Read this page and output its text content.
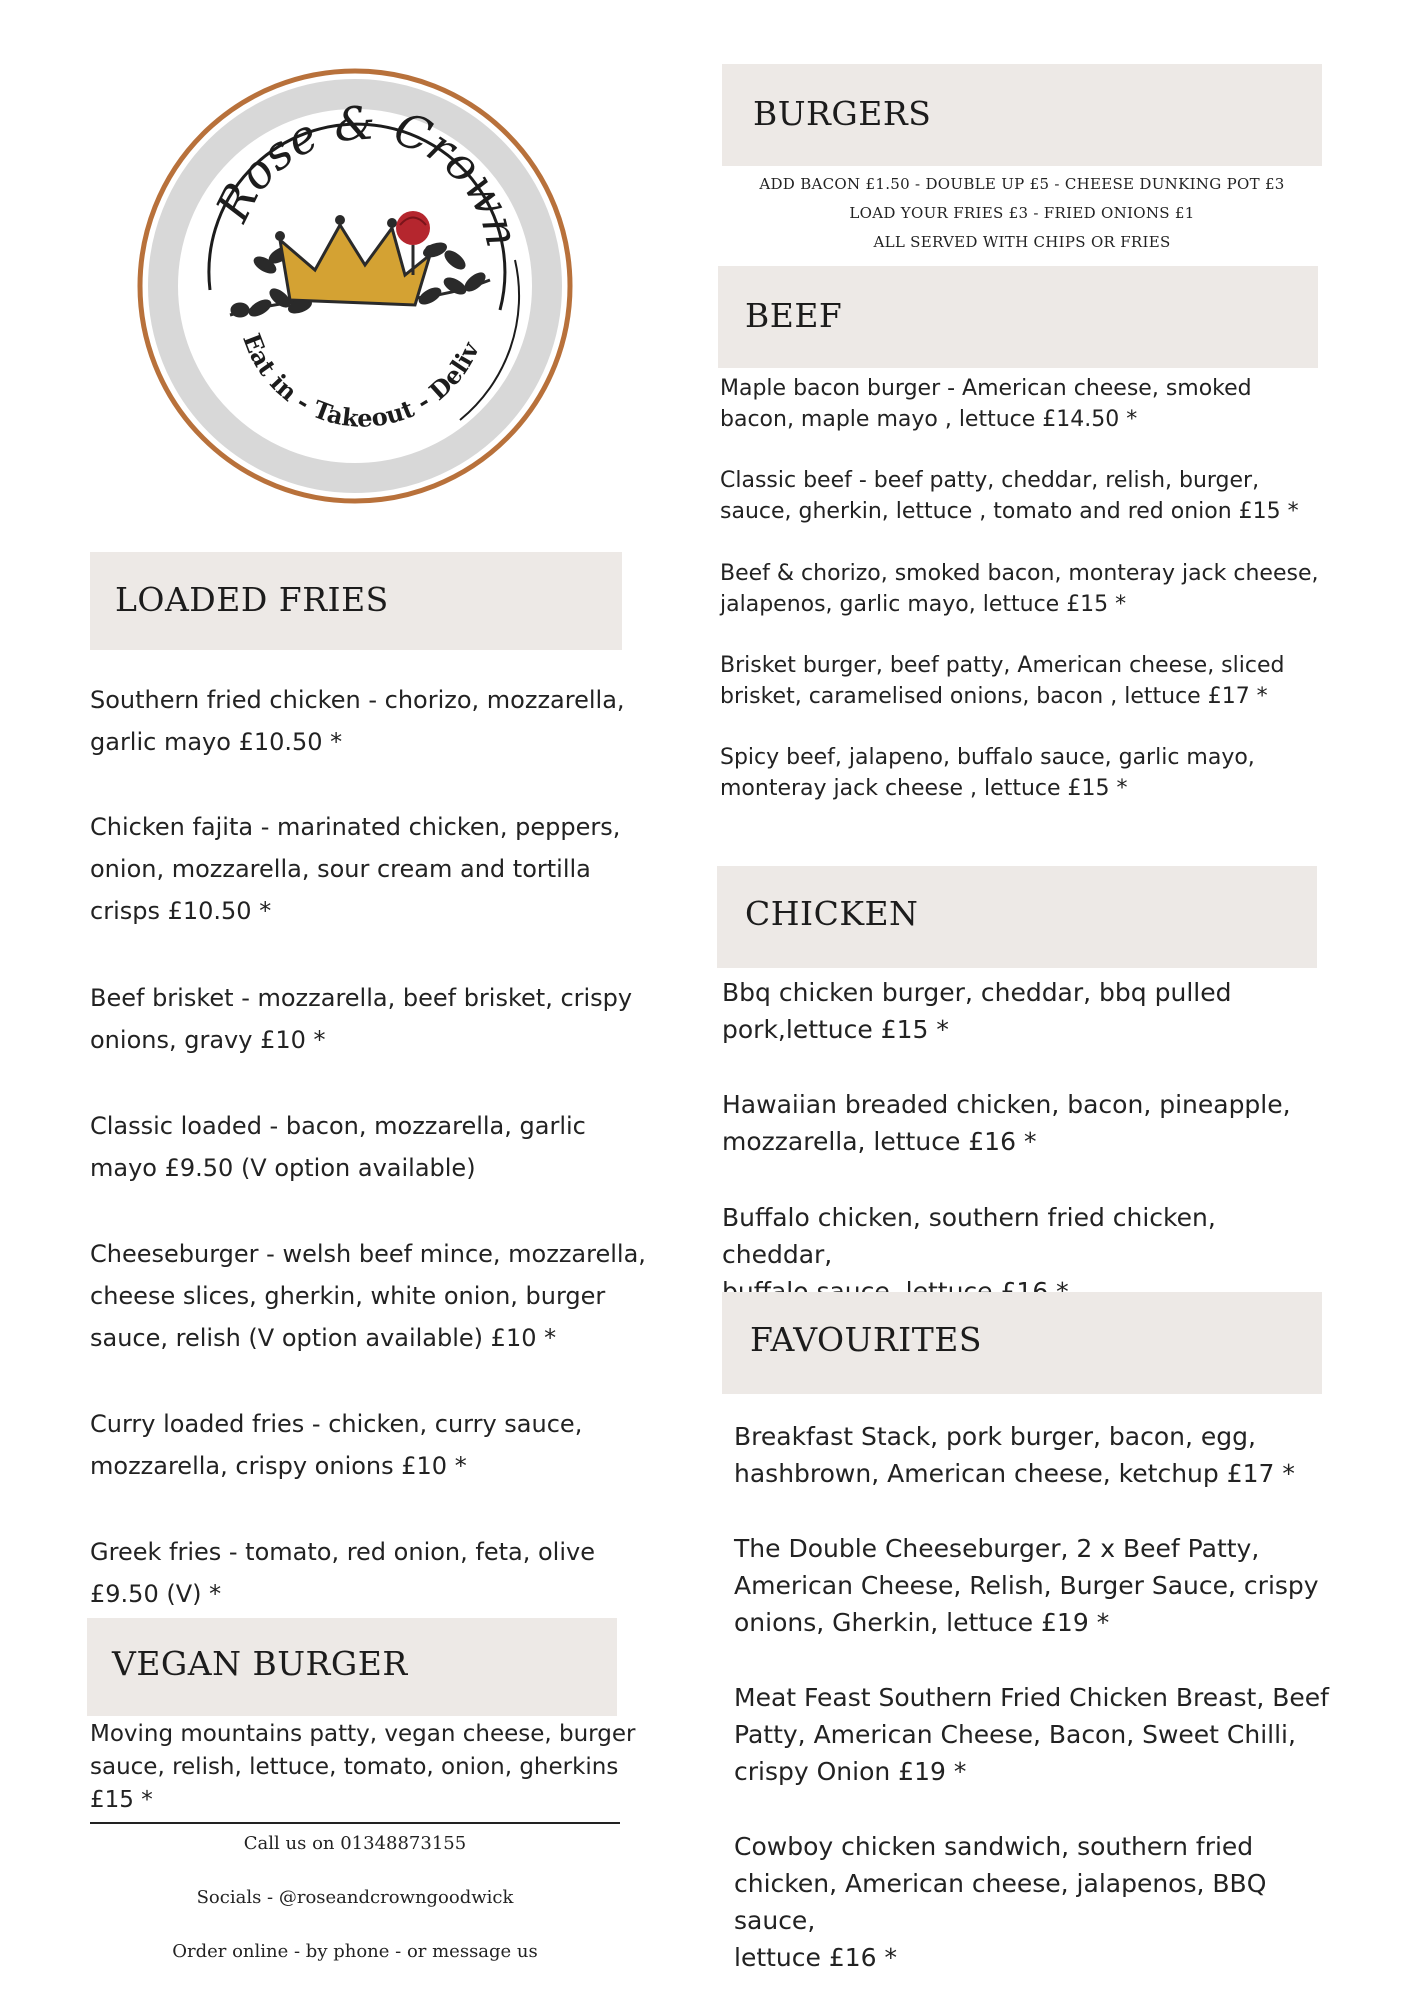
Rose & Crown
Eat in - Takeout - Deliv
LOADED FRIES
Southern fried chicken - chorizo, mozzarella,
garlic mayo £10.50 *
Chicken fajita - marinated chicken, peppers,
onion, mozzarella, sour cream and tortilla
crisps £10.50 *
Beef brisket - mozzarella, beef brisket, crispy
onions, gravy £10 *
Classic loaded - bacon, mozzarella, garlic
mayo £9.50 (V option available)
Cheeseburger - welsh beef mince, mozzarella,
cheese slices, gherkin, white onion, burger
sauce, relish (V option available) £10 *
Curry loaded fries - chicken, curry sauce,
mozzarella, crispy onions £10 *
Greek fries - tomato, red onion, feta, olive
£9.50 (V) *
VEGAN BURGER
Moving mountains patty, vegan cheese, burger
sauce, relish, lettuce, tomato, onion, gherkins
£15 *
Call us on 01348873155
Socials - @roseandcrowngoodwick
Order online - by phone - or message us
BURGERS
ADD BACON £1.50 - DOUBLE UP £5 - CHEESE DUNKING POT £3
LOAD YOUR FRIES £3 - FRIED ONIONS £1
ALL SERVED WITH CHIPS OR FRIES
BEEF
Maple bacon burger - American cheese, smoked
bacon, maple mayo , lettuce £14.50 *
Classic beef - beef patty, cheddar, relish, burger,
sauce, gherkin, lettuce , tomato and red onion £15 *
Beef & chorizo, smoked bacon, monteray jack cheese,
jalapenos, garlic mayo, lettuce £15 *
Brisket burger, beef patty, American cheese, sliced
brisket, caramelised onions, bacon , lettuce £17 *
Spicy beef, jalapeno, buffalo sauce, garlic mayo,
monteray jack cheese , lettuce £15 *
CHICKEN
Bbq chicken burger, cheddar, bbq pulled
pork,lettuce £15 *
Hawaiian breaded chicken, bacon, pineapple,
mozzarella, lettuce £16 *
Buffalo chicken, southern fried chicken, cheddar,
FAVOURITES
Breakfast Stack, pork burger, bacon, egg,
hashbrown, American cheese, ketchup £17 *
The Double Cheeseburger, 2 x Beef Patty,
American Cheese, Relish, Burger Sauce, crispy
onions, Gherkin, lettuce £19 *
Meat Feast Southern Fried Chicken Breast, Beef
Patty, American Cheese, Bacon, Sweet Chilli,
crispy Onion £19 *
Cowboy chicken sandwich, southern fried
chicken, American cheese, jalapenos, BBQ sauce,
lettuce £16 *
